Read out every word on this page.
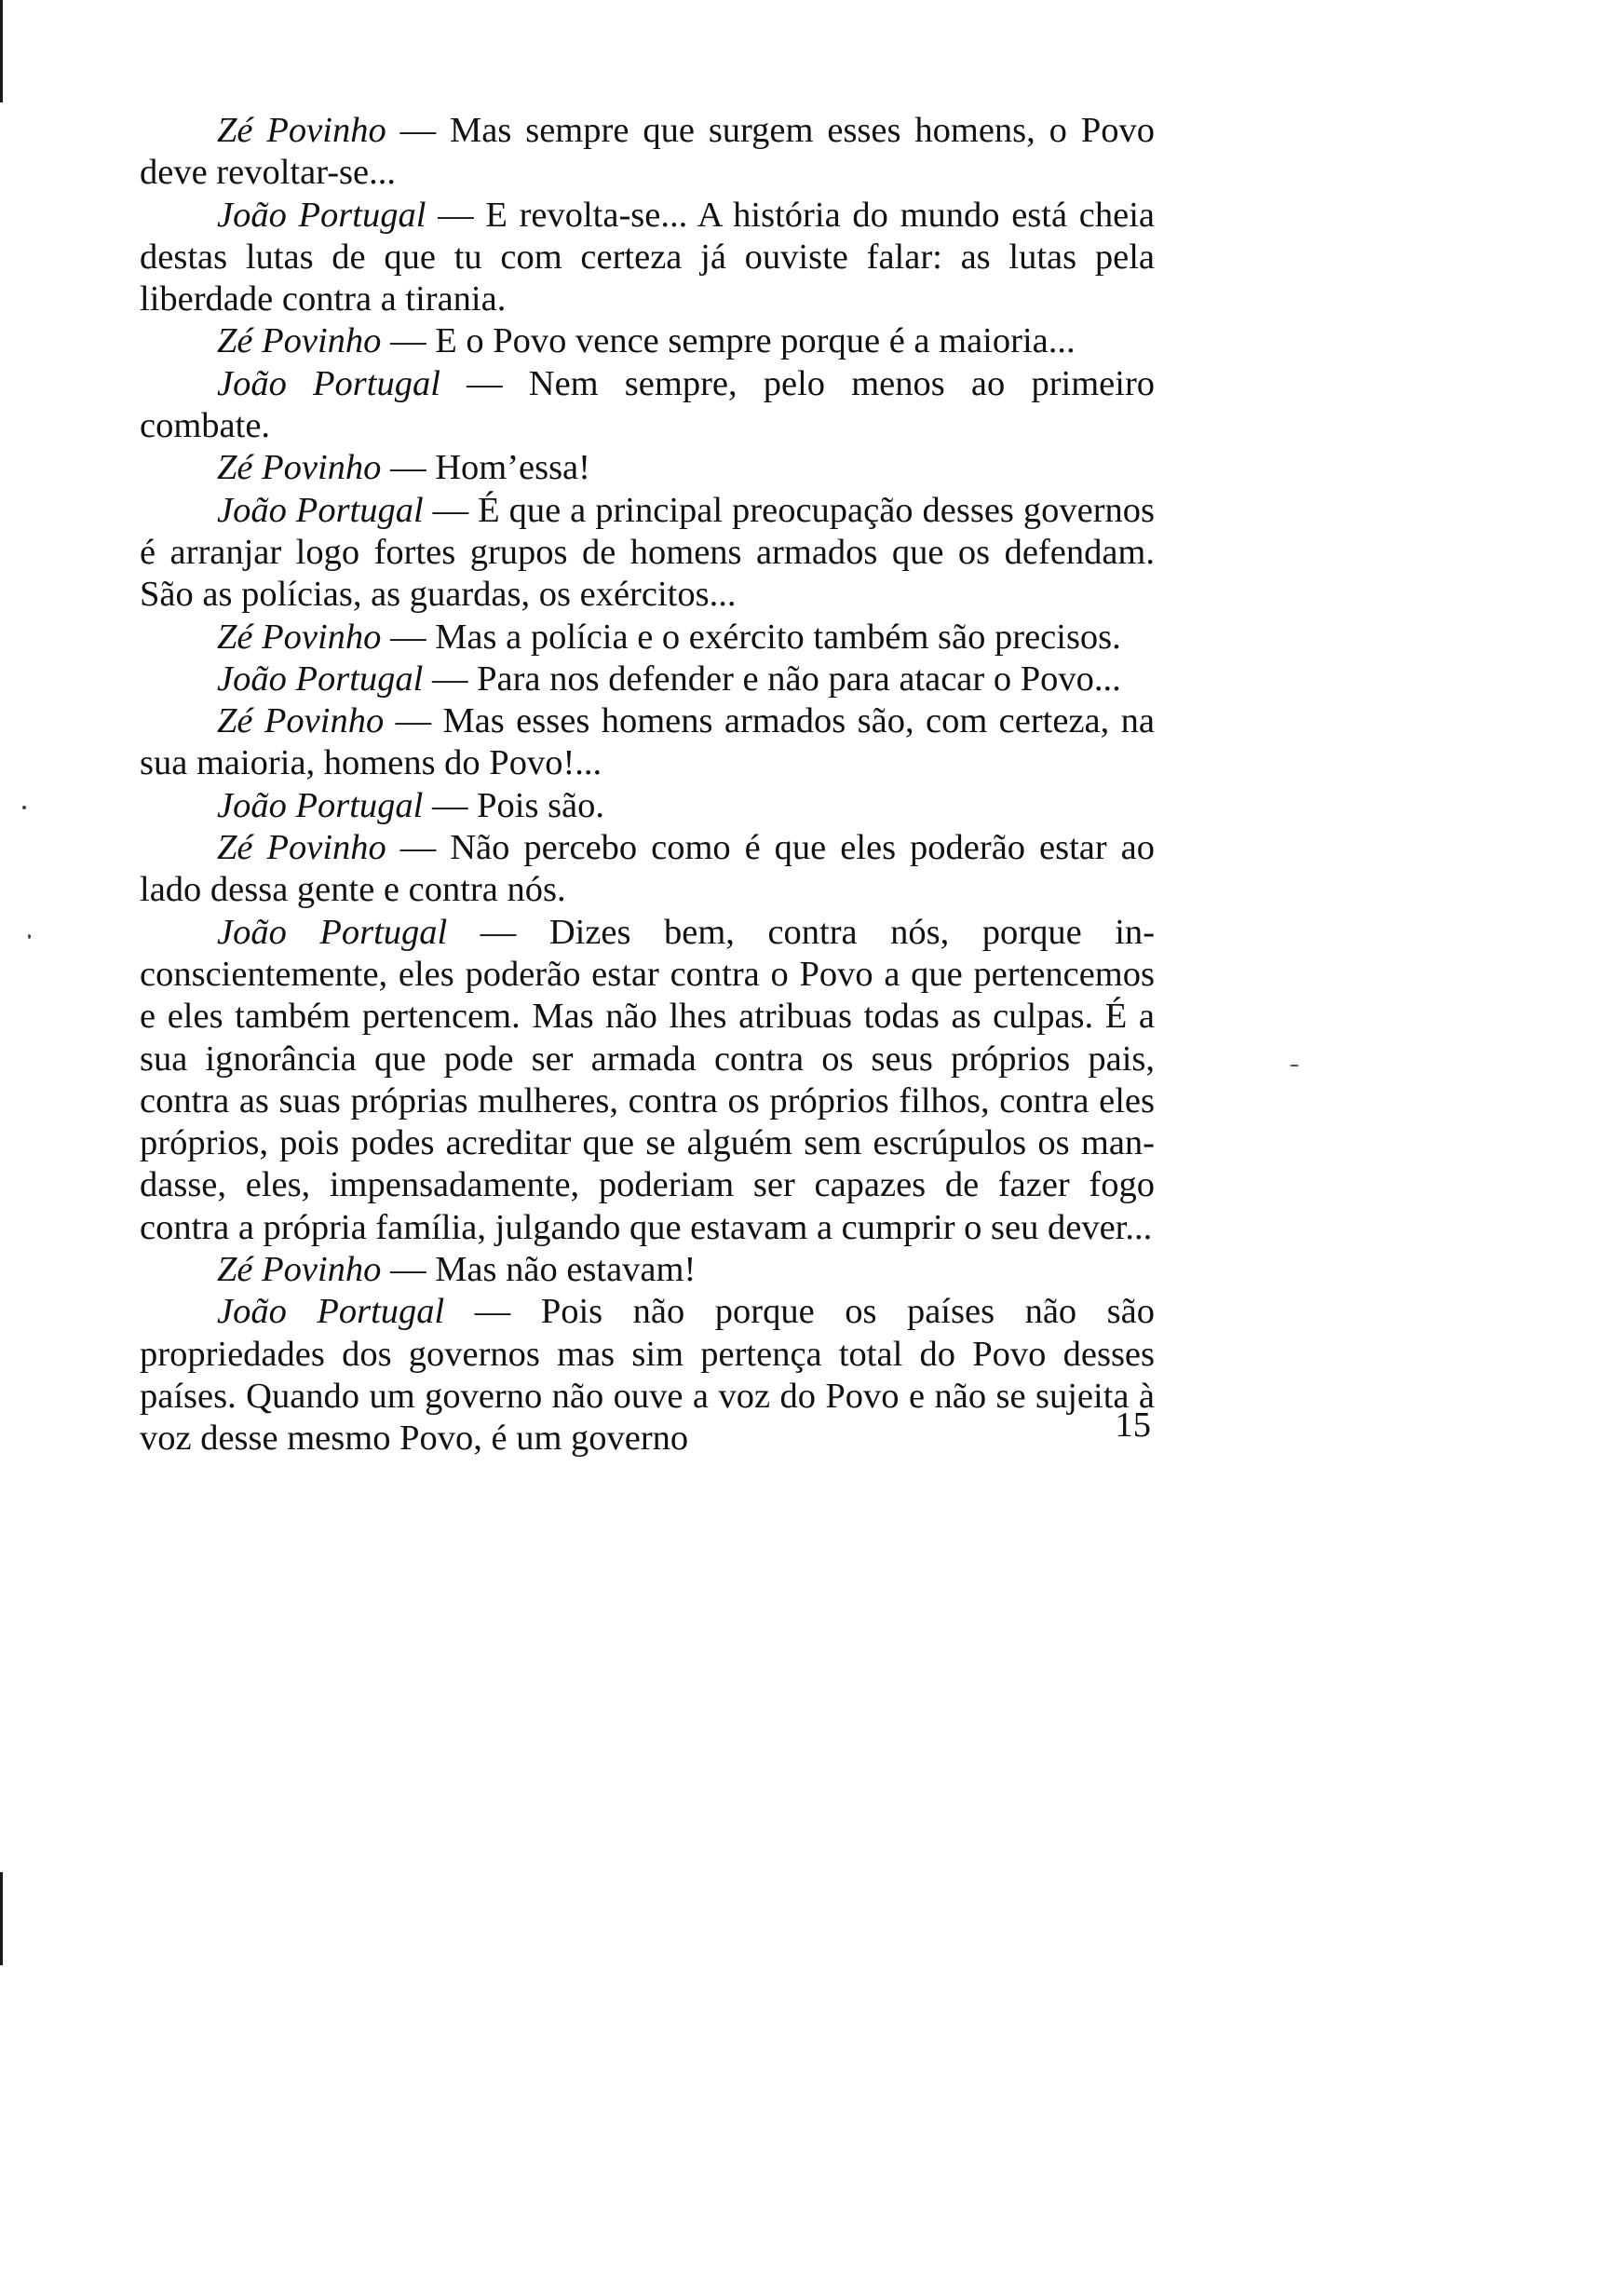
Zé Povinho — Mas sempre que surgem esses homens, o Povo deve revoltar-se...

João Portugal — E revolta-se... A história do mundo está cheia destas lutas de que tu com certeza já ouviste falar: as lutas pela liberdade contra a tirania.

Zé Povinho — E o Povo vence sempre porque é a maioria...

João Portugal — Nem sempre, pelo menos ao primeiro combate.

Zé Povinho — Hom’essa!

João Portugal — É que a principal preocupação desses governos é arranjar logo fortes grupos de homens armados que os defendam. São as polícias, as guardas, os exércitos...

Zé Povinho — Mas a polícia e o exército também são precisos.

João Portugal — Para nos defender e não para atacar o Povo...

Zé Povinho — Mas esses homens armados são, com certeza, na sua maioria, homens do Povo!...

João Portugal — Pois são.

Zé Povinho — Não percebo como é que eles poderão estar ao lado dessa gente e contra nós.

João Portugal — Dizes bem, contra nós, porque inconscientemente, eles poderão estar contra o Povo a que pertencemos e eles também pertencem. Mas não lhes atribuas todas as culpas. É a sua ignorância que pode ser armada contra os seus próprios pais, contra as suas próprias mulheres, contra os próprios filhos, contra eles próprios, pois podes acreditar que se alguém sem escrúpulos os mandasse, eles, impensadamente, poderiam ser capazes de fazer fogo contra a própria família, julgando que estavam a cumprir o seu dever...

Zé Povinho — Mas não estavam!

João Portugal — Pois não porque os países não são propriedades dos governos mas sim pertença total do Povo desses países. Quando um governo não ouve a voz do Povo e não se sujeita à voz desse mesmo Povo, é um governo	15
